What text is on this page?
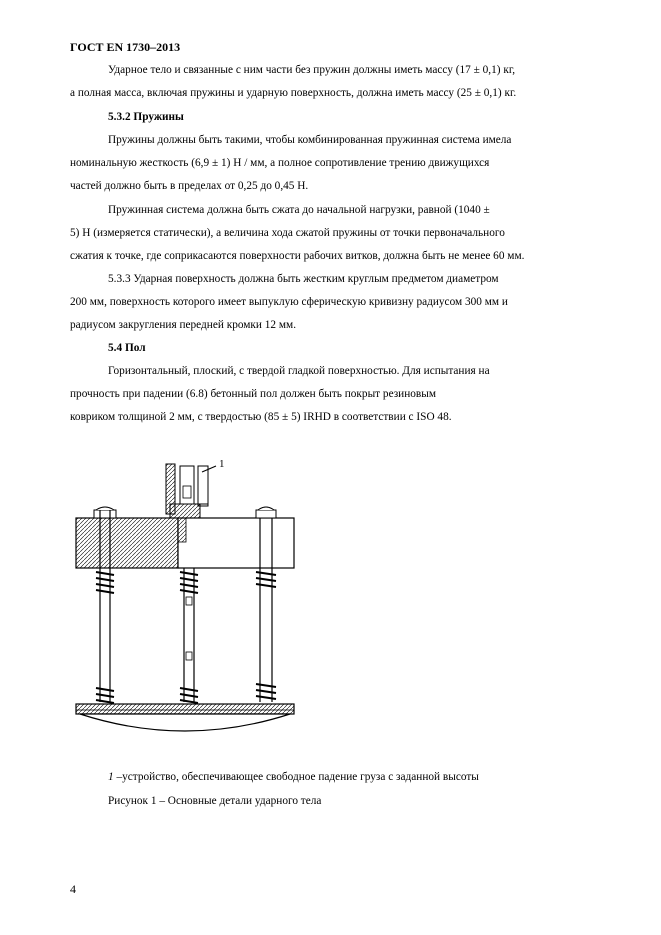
ГОСТ EN 1730–2013
Ударное тело и связанные с ним части без пружин должны иметь массу (17 ± 0,1) кг,
а полная масса, включая пружины и ударную поверхность, должна иметь массу (25 ± 0,1) кг.
5.3.2 Пружины
Пружины должны быть такими, чтобы комбинированная пружинная система имела
номинальную жесткость (6,9 ± 1) Н / мм, а полное сопротивление трению движущихся
частей должно быть в пределах от 0,25 до 0,45 Н.
Пружинная система должна быть сжата до начальной нагрузки, равной (1040 ±
5) Н (измеряется статически), а величина хода сжатой пружины от точки первоначального
сжатия к точке, где соприкасаются поверхности рабочих витков, должна быть не менее 60 мм.
5.3.3 Ударная поверхность должна быть жестким круглым предметом диаметром
200 мм, поверхность которого имеет выпуклую сферическую кривизну радиусом 300 мм и
радиусом закругления передней кромки 12 мм.
5.4 Пол
Горизонтальный, плоский, с твердой гладкой поверхностью. Для испытания на
прочность при падении (6.8) бетонный пол должен быть покрыт резиновым
ковриком толщиной 2 мм, с твердостью (85 ± 5) IRHD в соответствии с ISO 48.
1
1 –устройство, обеспечивающее свободное падение груза с заданной высоты
Рисунок 1 – Основные детали ударного тела
4
